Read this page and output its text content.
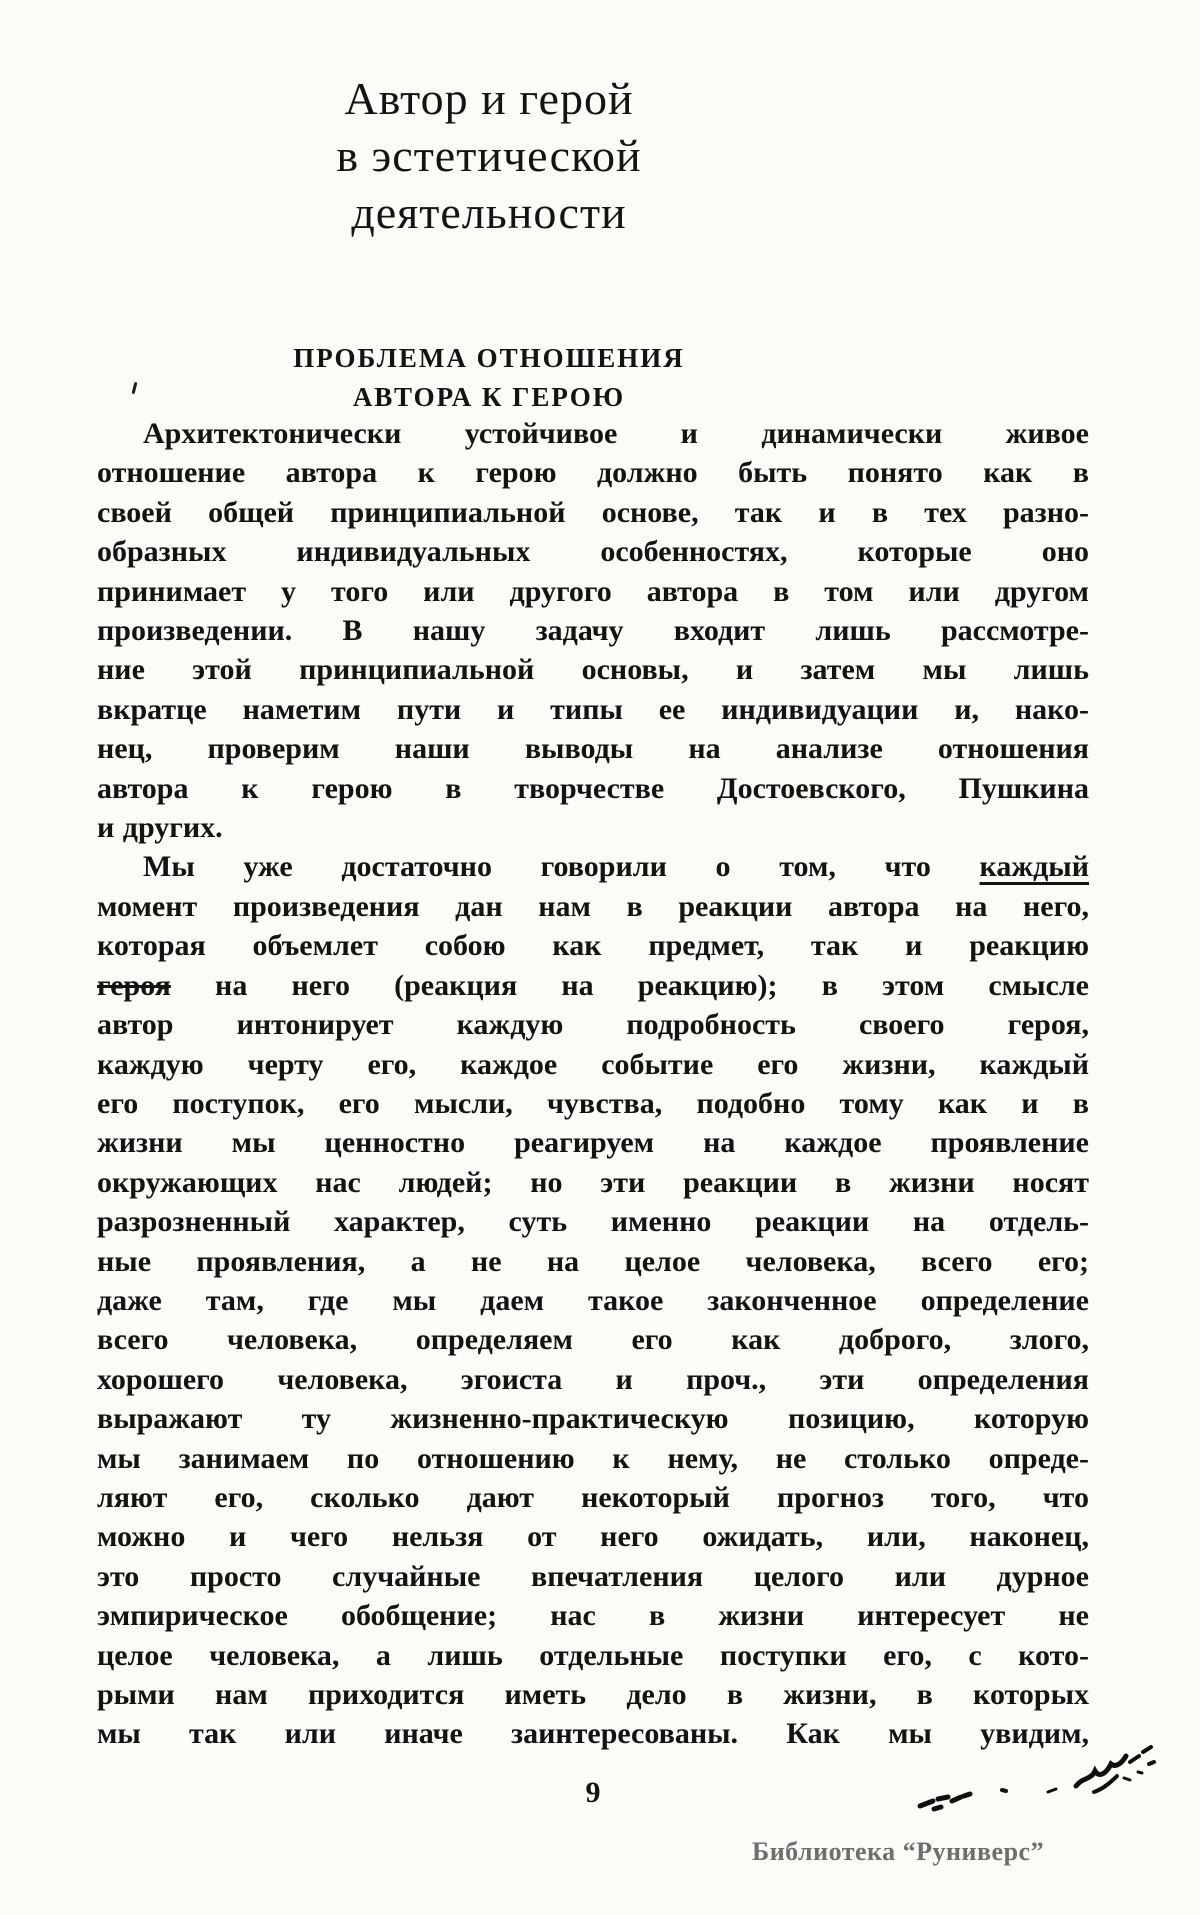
Автор и герой
в эстетической
деятельности
ПРОБЛЕМА ОТНОШЕНИЯ
АВТОРА К ГЕРОЮ
Архитектонически устойчивое и динамически живое
отношение автора к герою должно быть понято как в
своей общей принципиальной основе, так и в тех разно-
образных индивидуальных особенностях, которые оно
принимает у того или другого автора в том или другом
произведении. В нашу задачу входит лишь рассмотре-
ние этой принципиальной основы, и затем мы лишь
вкратце наметим пути и типы ее индивидуации и, нако-
нец, проверим наши выводы на анализе отношения
автора к герою в творчестве Достоевского, Пушкина
и других.
Мы уже достаточно говорили о том, что каждый
момент произведения дан нам в реакции автора на него,
которая объемлет собою как предмет, так и реакцию
героя на него (реакция на реакцию); в этом смысле
автор интонирует каждую подробность своего героя,
каждую черту его, каждое событие его жизни, каждый
его поступок, его мысли, чувства, подобно тому как и в
жизни мы ценностно реагируем на каждое проявление
окружающих нас людей; но эти реакции в жизни носят
разрозненный характер, суть именно реакции на отдель-
ные проявления, а не на целое человека, всего его;
даже там, где мы даем такое законченное определение
всего человека, определяем его как доброго, злого,
хорошего человека, эгоиста и проч., эти определения
выражают ту жизненно-практическую позицию, которую
мы занимаем по отношению к нему, не столько опреде-
ляют его, сколько дают некоторый прогноз того, что
можно и чего нельзя от него ожидать, или, наконец,
это просто случайные впечатления целого или дурное
эмпирическое обобщение; нас в жизни интересует не
целое человека, а лишь отдельные поступки его, с кото-
рыми нам приходится иметь дело в жизни, в которых
мы так или иначе заинтересованы. Как мы увидим,
9
Библиотека “Руниверс”
